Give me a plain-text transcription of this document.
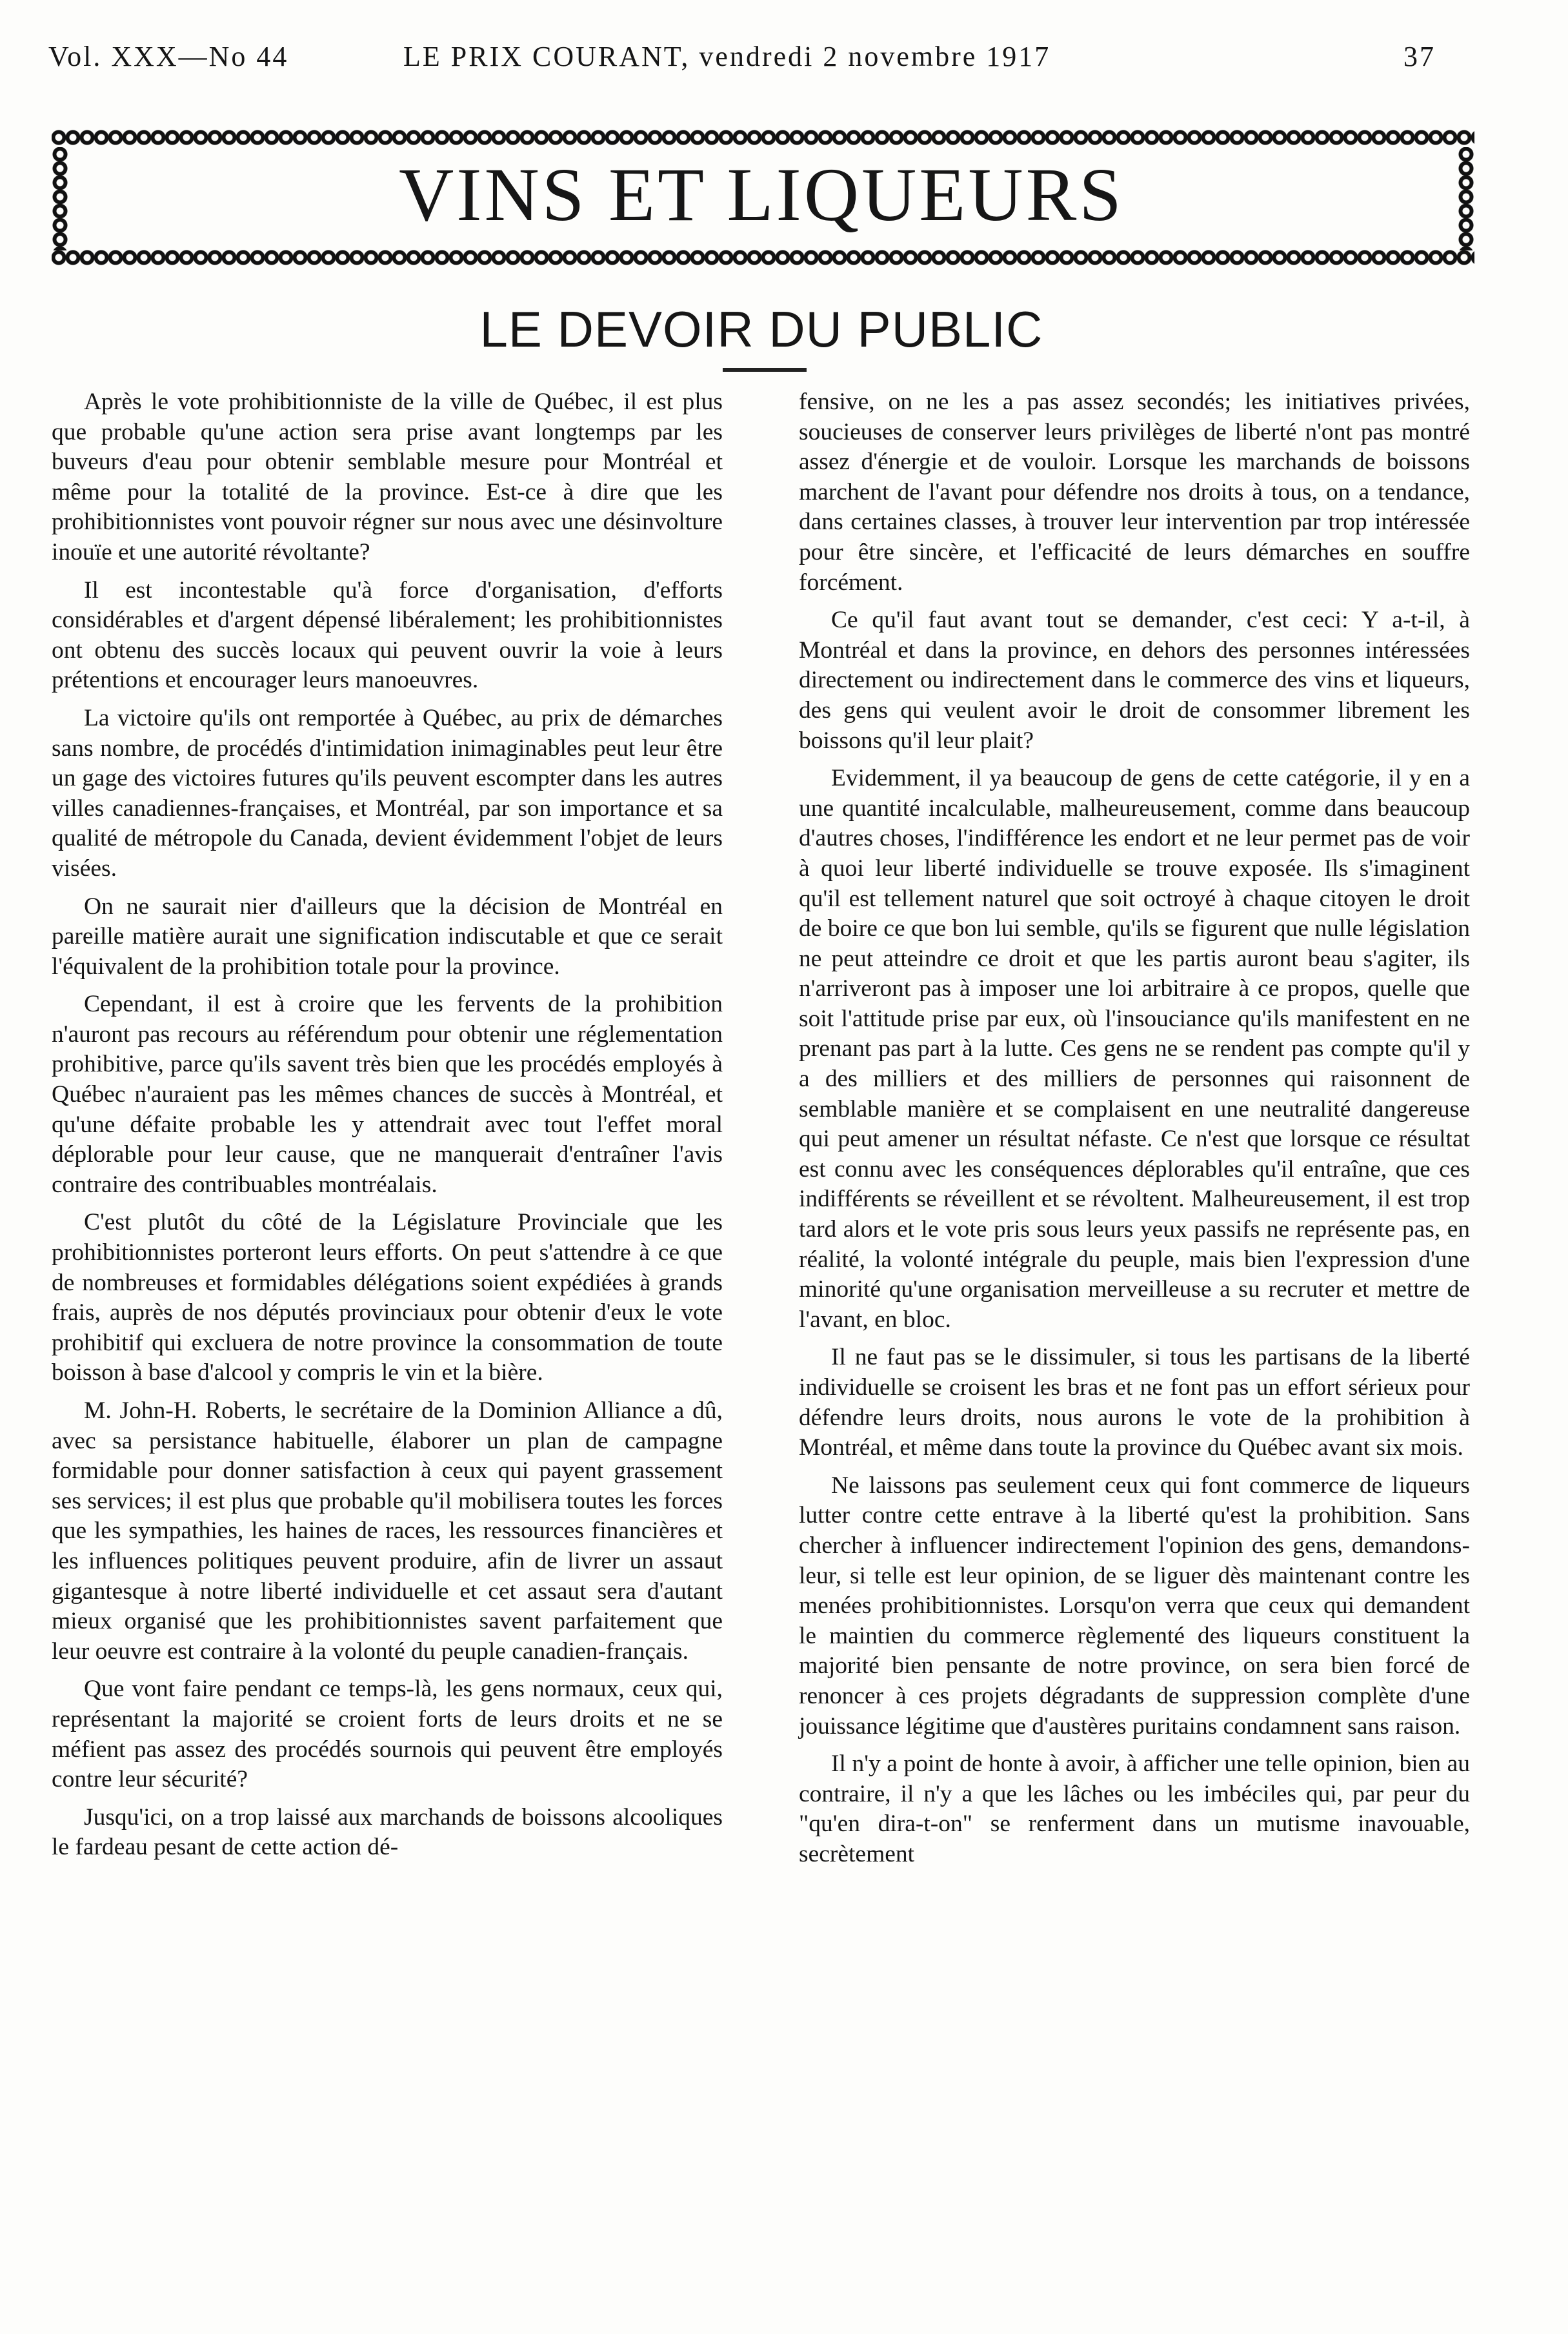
Vol. XXX—No 44	LE PRIX COURANT, vendredi 2 novembre 1917	37
VINS ET LIQUEURS
LE DEVOIR DU PUBLIC

Après le vote prohibitionniste de la ville de Québec, il est plus que probable qu'une action sera prise avant longtemps par les buveurs d'eau pour obtenir semblable mesure pour Montréal et même pour la totalité de la province. Est-ce à dire que les prohibitionnistes vont pouvoir régner sur nous avec une désinvolture inouïe et une autorité révoltante?

Il est incontestable qu'à force d'organisation, d'efforts considérables et d'argent dépensé libéralement; les prohibitionnistes ont obtenu des succès locaux qui peuvent ouvrir la voie à leurs prétentions et encourager leurs manoeuvres.

La victoire qu'ils ont remportée à Québec, au prix de démarches sans nombre, de procédés d'intimidation inimaginables peut leur être un gage des victoires futures qu'ils peuvent escompter dans les autres villes canadiennes-françaises, et Montréal, par son importance et sa qualité de métropole du Canada, devient évidemment l'objet de leurs visées.

On ne saurait nier d'ailleurs que la décision de Montréal en pareille matière aurait une signification indiscutable et que ce serait l'équivalent de la prohibition totale pour la province.

Cependant, il est à croire que les fervents de la prohibition n'auront pas recours au référendum pour obtenir une réglementation prohibitive, parce qu'ils savent très bien que les procédés employés à Québec n'auraient pas les mêmes chances de succès à Montréal, et qu'une défaite probable les y attendrait avec tout l'effet moral déplorable pour leur cause, que ne manquerait d'entraîner l'avis contraire des contribuables montréalais.

C'est plutôt du côté de la Législature Provinciale que les prohibitionnistes porteront leurs efforts. On peut s'attendre à ce que de nombreuses et formidables délégations soient expédiées à grands frais, auprès de nos députés provinciaux pour obtenir d'eux le vote prohibitif qui excluera de notre province la consommation de toute boisson à base d'alcool y compris le vin et la bière.

M. John-H. Roberts, le secrétaire de la Dominion Alliance a dû, avec sa persistance habituelle, élaborer un plan de campagne formidable pour donner satisfaction à ceux qui payent grassement ses services; il est plus que probable qu'il mobilisera toutes les forces que les sympathies, les haines de races, les ressources financières et les influences politiques peuvent produire, afin de livrer un assaut gigantesque à notre liberté individuelle et cet assaut sera d'autant mieux organisé que les prohibitionnistes savent parfaitement que leur oeuvre est contraire à la volonté du peuple canadien-français.

Que vont faire pendant ce temps-là, les gens normaux, ceux qui, représentant la majorité se croient forts de leurs droits et ne se méfient pas assez des procédés sournois qui peuvent être employés contre leur sécurité?

Jusqu'ici, on a trop laissé aux marchands de boissons alcooliques le fardeau pesant de cette action dé-

fensive, on ne les a pas assez secondés; les initiatives privées, soucieuses de conserver leurs privilèges de liberté n'ont pas montré assez d'énergie et de vouloir. Lorsque les marchands de boissons marchent de l'avant pour défendre nos droits à tous, on a tendance, dans certaines classes, à trouver leur intervention par trop intéressée pour être sincère, et l'efficacité de leurs démarches en souffre forcément.

Ce qu'il faut avant tout se demander, c'est ceci: Y a-t-il, à Montréal et dans la province, en dehors des personnes intéressées directement ou indirectement dans le commerce des vins et liqueurs, des gens qui veulent avoir le droit de consommer librement les boissons qu'il leur plait?

Evidemment, il ya beaucoup de gens de cette catégorie, il y en a une quantité incalculable, malheureusement, comme dans beaucoup d'autres choses, l'indifférence les endort et ne leur permet pas de voir à quoi leur liberté individuelle se trouve exposée. Ils s'imaginent qu'il est tellement naturel que soit octroyé à chaque citoyen le droit de boire ce que bon lui semble, qu'ils se figurent que nulle législation ne peut atteindre ce droit et que les partis auront beau s'agiter, ils n'arriveront pas à imposer une loi arbitraire à ce propos, quelle que soit l'attitude prise par eux, où l'insouciance qu'ils manifestent en ne prenant pas part à la lutte. Ces gens ne se rendent pas compte qu'il y a des milliers et des milliers de personnes qui raisonnent de semblable manière et se complaisent en une neutralité dangereuse qui peut amener un résultat néfaste. Ce n'est que lorsque ce résultat est connu avec les conséquences déplorables qu'il entraîne, que ces indifférents se réveillent et se révoltent. Malheureusement, il est trop tard alors et le vote pris sous leurs yeux passifs ne représente pas, en réalité, la volonté intégrale du peuple, mais bien l'expression d'une minorité qu'une organisation merveilleuse a su recruter et mettre de l'avant, en bloc.

Il ne faut pas se le dissimuler, si tous les partisans de la liberté individuelle se croisent les bras et ne font pas un effort sérieux pour défendre leurs droits, nous aurons le vote de la prohibition à Montréal, et même dans toute la province du Québec avant six mois.

Ne laissons pas seulement ceux qui font commerce de liqueurs lutter contre cette entrave à la liberté qu'est la prohibition. Sans chercher à influencer indirectement l'opinion des gens, demandons-leur, si telle est leur opinion, de se liguer dès maintenant contre les menées prohibitionnistes. Lorsqu'on verra que ceux qui demandent le maintien du commerce règlementé des liqueurs constituent la majorité bien pensante de notre province, on sera bien forcé de renoncer à ces projets dégradants de suppression complète d'une jouissance légitime que d'austères puritains condamnent sans raison.

Il n'y a point de honte à avoir, à afficher une telle opinion, bien au contraire, il n'y a que les lâches ou les imbéciles qui, par peur du "qu'en dira-t-on" se renferment dans un mutisme inavouable, secrètement
